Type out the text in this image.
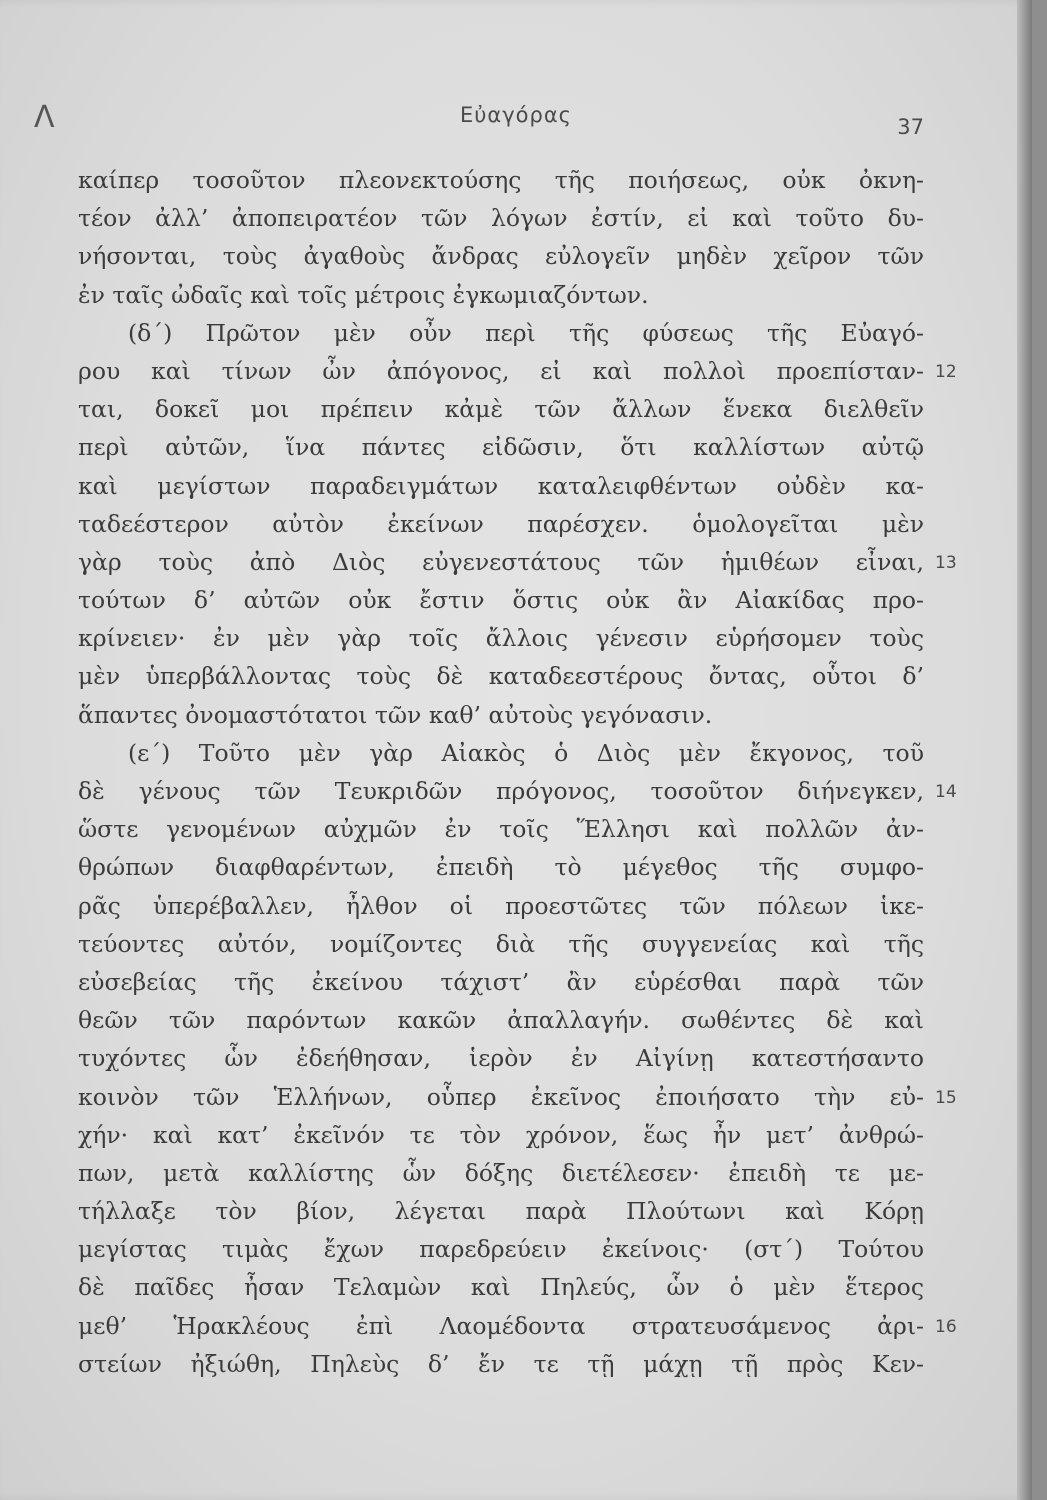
Λ	Εὐαγόρας	37
καίπερ τοσοῦτον πλεονεκτούσης τῆς ποιήσεως, οὐκ ὀκνη-
τέον ἀλλ’ ἀποπειρατέον τῶν λόγων ἐστίν, εἰ καὶ τοῦτο δυ-
νήσονται, τοὺς ἀγαθοὺς ἄνδρας εὐλογεῖν μηδὲν χεῖρον τῶν
ἐν ταῖς ὠδαῖς καὶ τοῖς μέτροις ἐγκωμιαζόντων.
(δ´) Πρῶτον μὲν οὖν περὶ τῆς φύσεως τῆς Εὐαγό-
ρου καὶ τίνων ὦν ἀπόγονος, εἰ καὶ πολλοὶ προεπίσταν-
ται, δοκεῖ μοι πρέπειν κἀμὲ τῶν ἄλλων ἕνεκα διελθεῖν
περὶ αὐτῶν, ἵνα πάντες εἰδῶσιν, ὅτι καλλίστων αὐτῷ
καὶ μεγίστων παραδειγμάτων καταλειφθέντων οὐδὲν κα-
ταδεέστερον αὐτὸν ἐκείνων παρέσχεν. ὁμολογεῖται μὲν
γὰρ τοὺς ἀπὸ Διὸς εὐγενεστάτους τῶν ἡμιθέων εἶναι,
τούτων δ’ αὐτῶν οὐκ ἔστιν ὅστις οὐκ ἂν Αἰακίδας προ-
κρίνειεν· ἐν μὲν γὰρ τοῖς ἄλλοις γένεσιν εὑρήσομεν τοὺς
μὲν ὑπερβάλλοντας τοὺς δὲ καταδεεστέρους ὄντας, οὗτοι δ’
ἅπαντες ὀνομαστότατοι τῶν καθ’ αὐτοὺς γεγόνασιν.
(ε´) Τοῦτο μὲν γὰρ Αἰακὸς ὁ Διὸς μὲν ἔκγονος, τοῦ
δὲ γένους τῶν Τευκριδῶν πρόγονος, τοσοῦτον διήνεγκεν,
ὥστε γενομένων αὐχμῶν ἐν τοῖς Ἕλλησι καὶ πολλῶν ἀν-
θρώπων διαφθαρέντων, ἐπειδὴ τὸ μέγεθος τῆς συμφο-
ρᾶς ὑπερέβαλλεν, ἦλθον οἱ προεστῶτες τῶν πόλεων ἱκε-
τεύοντες αὐτόν, νομίζοντες διὰ τῆς συγγενείας καὶ τῆς
εὐσεβείας τῆς ἐκείνου τάχιστ’ ἂν εὑρέσθαι παρὰ τῶν
θεῶν τῶν παρόντων κακῶν ἀπαλλαγήν. σωθέντες δὲ καὶ
τυχόντες ὧν ἐδεήθησαν, ἱερὸν ἐν Αἰγίνῃ κατεστήσαντο
κοινὸν τῶν Ἑλλήνων, οὗπερ ἐκεῖνος ἐποιήσατο τὴν εὐ-
χήν· καὶ κατ’ ἐκεῖνόν τε τὸν χρόνον, ἕως ἦν μετ’ ἀνθρώ-
πων, μετὰ καλλίστης ὧν δόξης διετέλεσεν· ἐπειδὴ τε με-
τήλλαξε τὸν βίον, λέγεται παρὰ Πλούτωνι καὶ Κόρῃ
μεγίστας τιμὰς ἔχων παρεδρεύειν ἐκείνοις· (στ´) Τούτου
δὲ παῖδες ἦσαν Τελαμὼν καὶ Πηλεύς, ὧν ὁ μὲν ἕτερος
μεθ’ Ἡρακλέους ἐπὶ Λαομέδοντα στρατευσάμενος ἀρι-
στείων ἠξιώθη, Πηλεὺς δ’ ἔν τε τῇ μάχῃ τῇ πρὸς Κεν-
12
13
14
15
16
